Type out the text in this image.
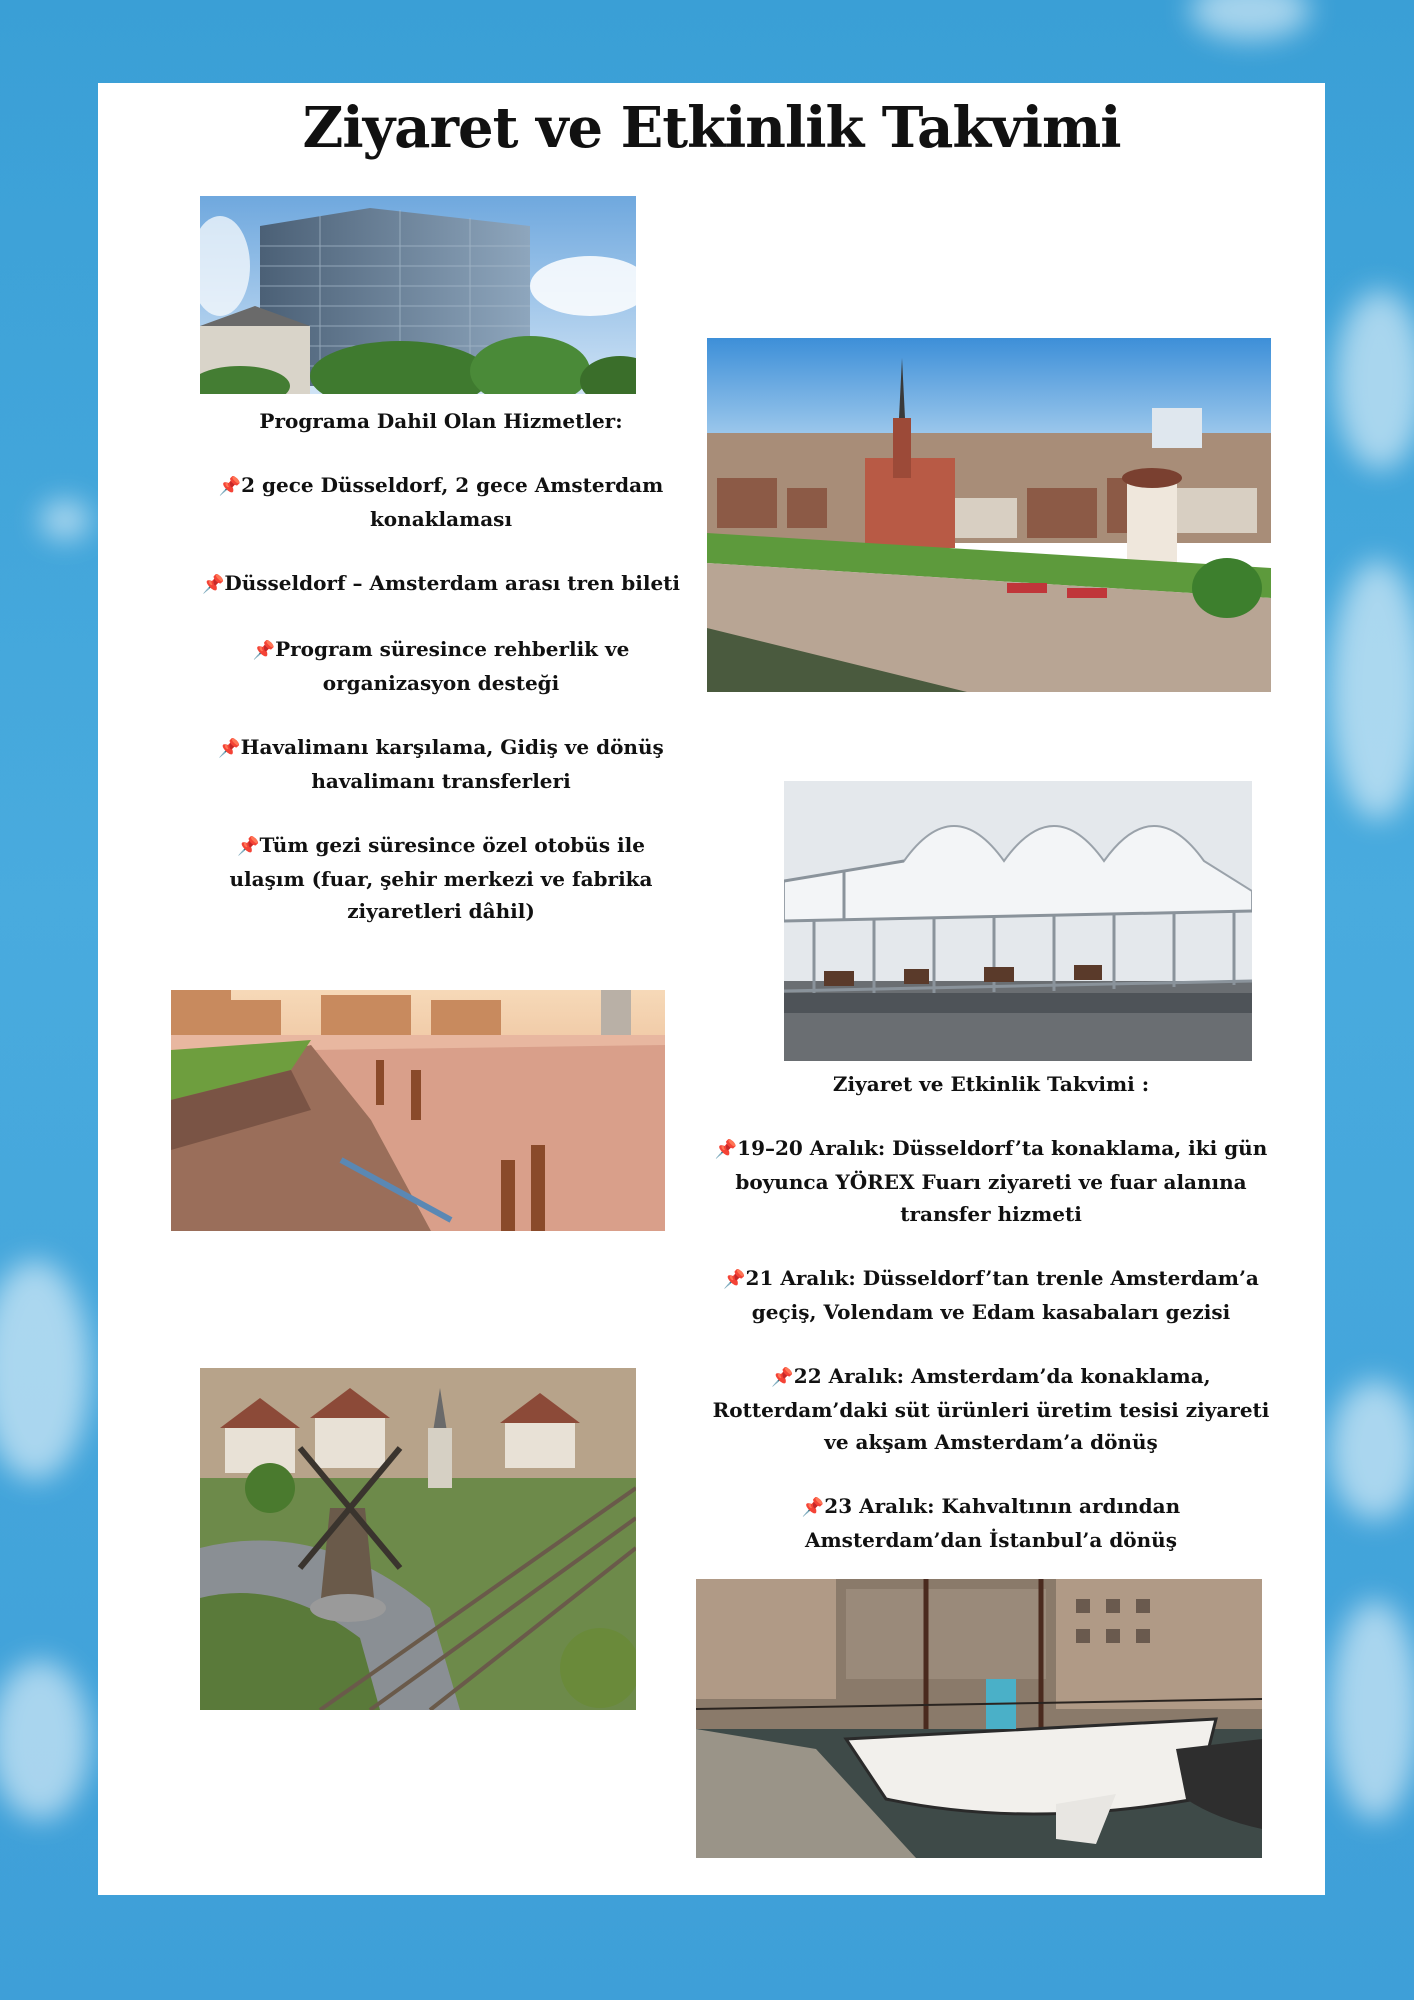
Ziyaret ve Etkinlik Takvimi
Programa Dahil Olan Hizmetler:

📌2 gece Düsseldorf, 2 gece Amsterdam konaklaması

📌Düsseldorf – Amsterdam arası tren bileti

📌Program süresince rehberlik ve organizasyon desteği

📌Havalimanı karşılama, Gidiş ve dönüş havalimanı transferleri

📌Tüm gezi süresince özel otobüs ile ulaşım (fuar, şehir merkezi ve fabrika ziyaretleri dâhil)

Ziyaret ve Etkinlik Takvimi :

📌19–20 Aralık: Düsseldorf’ta konaklama, iki gün boyunca YÖREX Fuarı ziyareti ve fuar alanına transfer hizmeti

📌21 Aralık: Düsseldorf’tan trenle Amsterdam’a geçiş, Volendam ve Edam kasabaları gezisi

📌22 Aralık: Amsterdam’da konaklama, Rotterdam’daki süt ürünleri üretim tesisi ziyareti ve akşam Amsterdam’a dönüş

📌23 Aralık: Kahvaltının ardından Amsterdam’dan İstanbul’a dönüş
